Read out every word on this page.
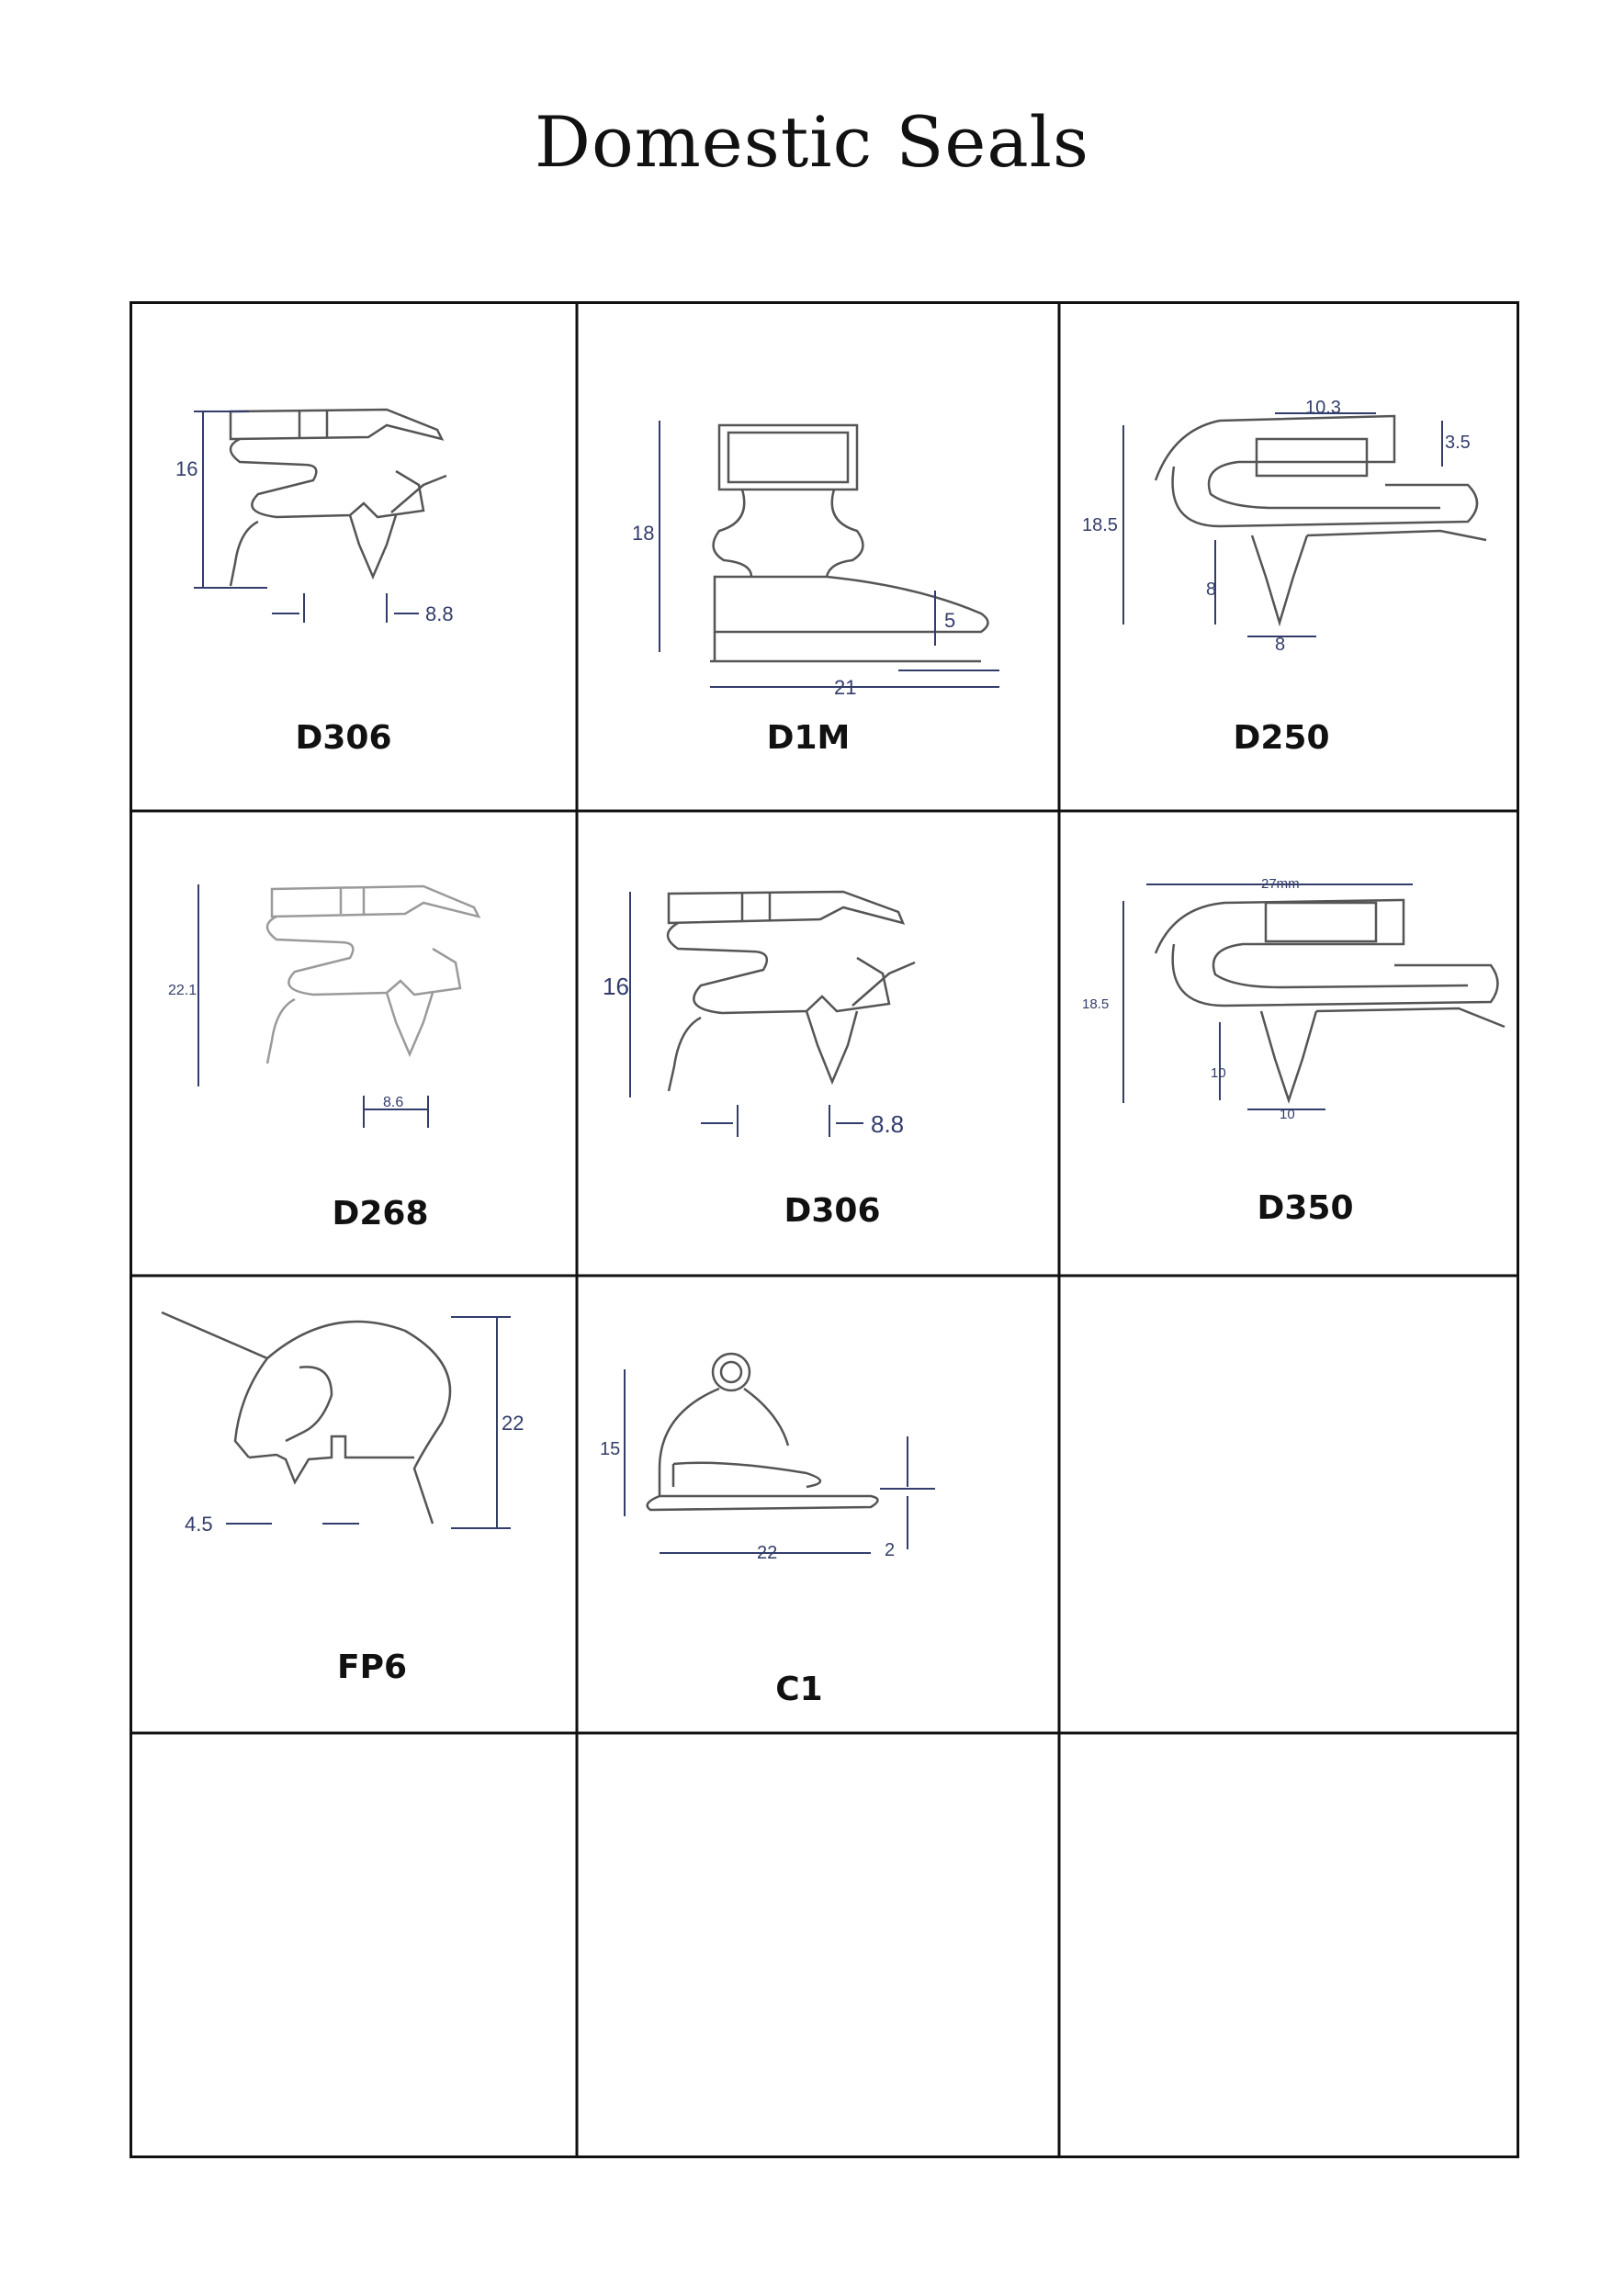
Domestic Seals
16
8.8
D306
18
5
21
D1M
10.3
3.5
18.5
8
8
D250
22.1
8.6
D268
16
8.8
D306
27mm
18.5
10
10
D350
22
4.5
FP6
15
2
22
C1
